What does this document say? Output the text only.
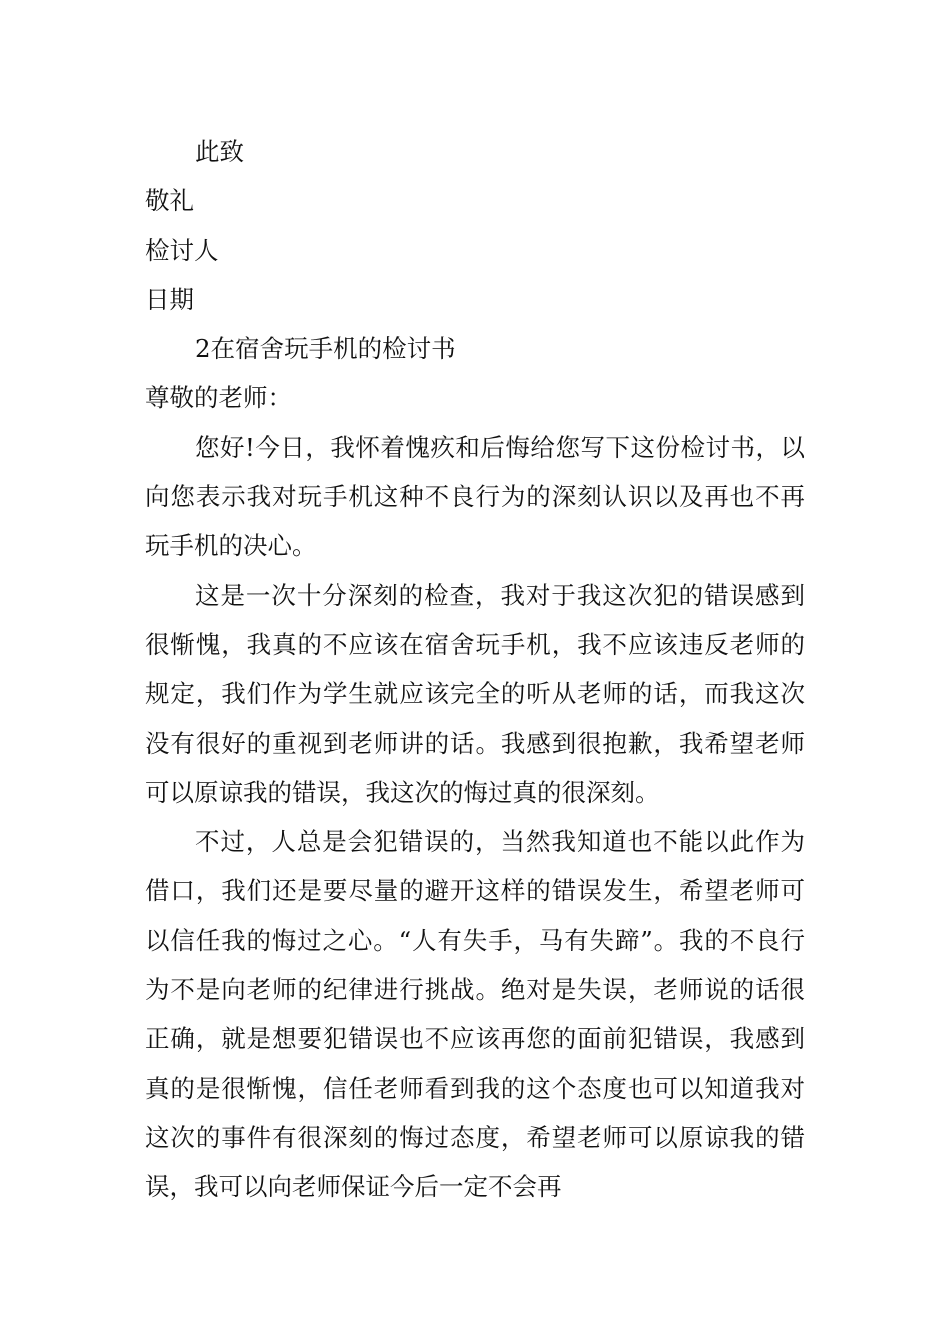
此致
敬礼
检讨人
日期
2在宿舍玩手机的检讨书
尊敬的老师：
您好!今日，我怀着愧疚和后悔给您写下这份检讨书，以向您表示我对玩手机这种不良行为的深刻认识以及再也不再玩手机的决心。
这是一次十分深刻的检查，我对于我这次犯的错误感到很惭愧，我真的不应该在宿舍玩手机，我不应该违反老师的规定，我们作为学生就应该完全的听从老师的话，而我这次没有很好的重视到老师讲的话。我感到很抱歉，我希望老师可以原谅我的错误，我这次的悔过真的很深刻。
不过，人总是会犯错误的，当然我知道也不能以此作为借口，我们还是要尽量的避开这样的错误发生，希望老师可以信任我的悔过之心。“人有失手，马有失蹄”。我的不良行为不是向老师的纪律进行挑战。绝对是失误，老师说的话很正确，就是想要犯错误也不应该再您的面前犯错误，我感到真的是很惭愧，信任老师看到我的这个态度也可以知道我对这次的事件有很深刻的悔过态度，希望老师可以原谅我的错误，我可以向老师保证今后一定不会再
